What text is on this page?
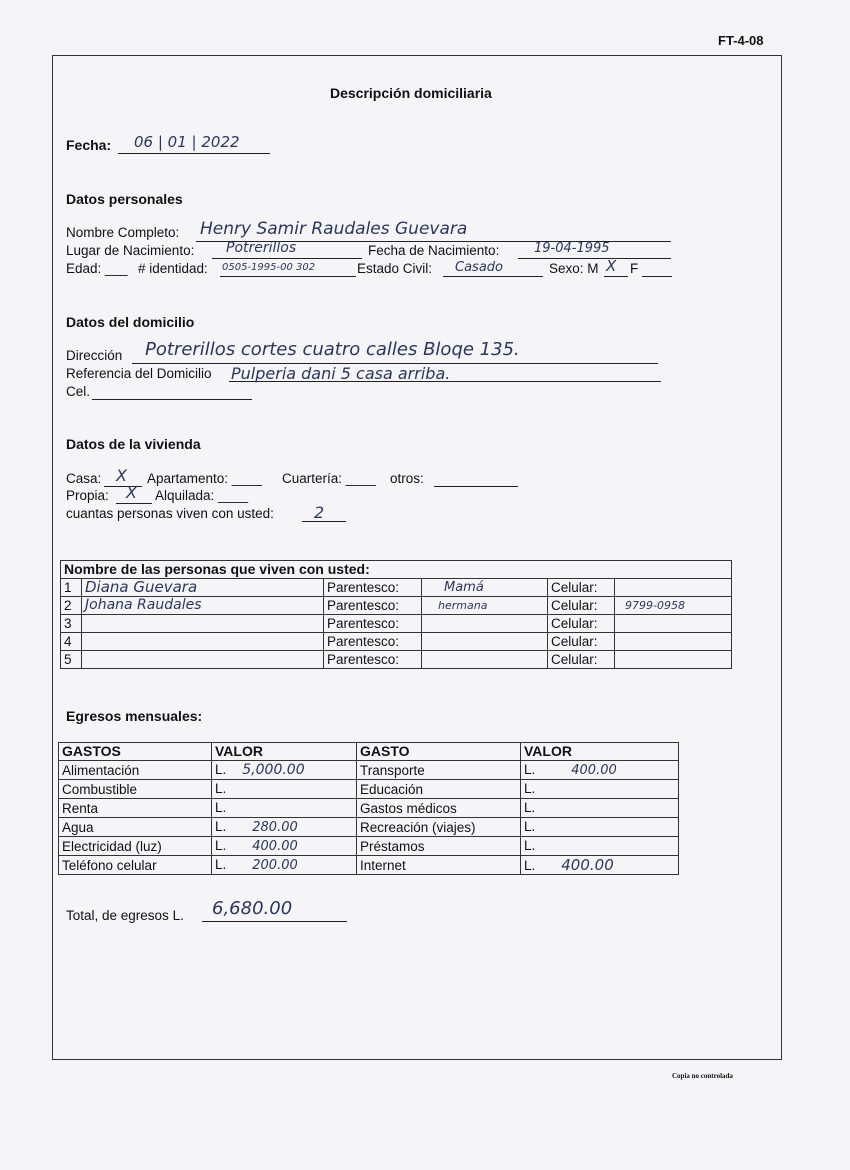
FT-4-08
Descripción domiciliaria
Fecha: 06 | 01 | 2022
Datos personales
Nombre Completo: Henry Samir Raudales Guevara
Lugar de Nacimiento: Potrerillos	Fecha de Nacimiento:	19-04-1995
Edad: ___ # identidad: 0505-1995-00 302	Estado Civil: Casado	Sexo: M X F
Datos del domicilio
Dirección Potrerillos cortes cuatro calles Bloqe 135.
Referencia del Domicilio Pulperia dani 5 casa arriba.
Cel.
Datos de la vivienda
Casa: X Apartamento: ____ Cuartería: ____ otros:
Propia: X Alquilada: ____
cuantas personas viven con usted:	2
Nombre de las personas que viven con usted:					
1	Diana Guevara	Parentesco:	Mamá	Celular:	
2	Johana Raudales	Parentesco:	hermana	Celular:	9799-0958
3		Parentesco:		Celular:	
4		Parentesco:		Celular:	
5		Parentesco:		Celular:	
Egresos mensuales:
GASTOS	VALOR	GASTO	VALOR
Alimentación	L. 5,000.00	Transporte	L. 400.00
Combustible	L.	Educación	L.
Renta	L.	Gastos médicos	L.
Agua	L. 280.00	Recreación (viajes)	L.
Electricidad (luz)	L. 400.00	Préstamos	L.
Teléfono celular	L. 200.00	Internet	L. 400.00
Total, de egresos L. 6,680.00
Copia no controlada
